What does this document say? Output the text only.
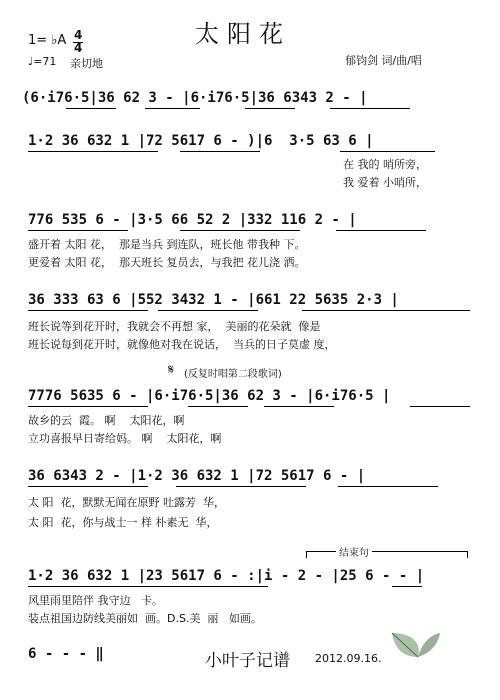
1= ♭A 4
4
♩=71 亲切地
太阳花
郁钧剑 词/曲/唱
(6·i76·5|36 62 3 - |6·i76·5|36 6343 2 - |
1·2 36 632 1 |72 5617 6 - )|6  3·5 63 6 |
在 我的 哨所旁，
我 爱着 小哨所，
776 535 6 - |3·5 66 52 2 |332 116 2 - |
盛开着 太阳 花，  那是当兵 到连队，班长他 带我种 下。
更爱着 太阳 花，  那天班长 复员去，与我把 花儿浇 洒。
36 333 63 6 |552 3432 1 - |661 22 5635 2·3 |
班长说等到花开时，我就会不再想 家，  美丽的花朵就  像是
班长说每到花开时，就像他对我在说话，  当兵的日子莫虚 度，
𝄋 (反复时唱第二段歌词)
7776 5635 6 - |6·i76·5|36 62 3 - |6·i76·5 |
故乡的云  霞。 啊    太阳花，啊
立功喜报早日寄给妈。 啊    太阳花，啊
36 6343 2 - |1·2 36 632 1 |72 5617 6 - |
太 阳  花，默默无闻在原野 吐露芳  华，
太 阳  花，你与战士一 样 朴素无  华，
结束句
1·2 36 632 1 |23 5617 6 - :|i - 2 - |25 6 - - |
风里雨里陪伴 我守边   卡。
装点祖国边防线美丽如  画。D.S.美  丽   如画。
6 - - - ‖	小叶子记谱 2012.09.16.
